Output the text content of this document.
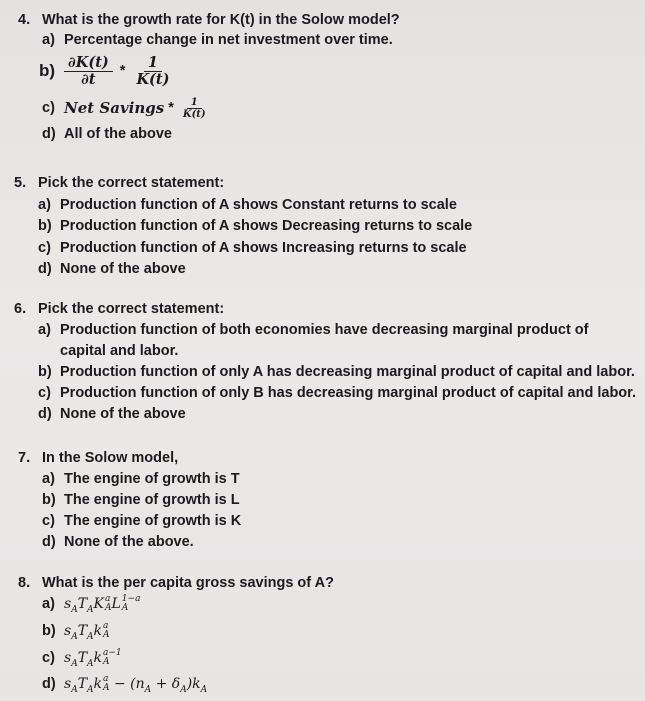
4. What is the growth rate for K(t) in the Solow model?
a) Percentage change in net investment over time.
$b) \frac{\partial K(t)}{\partial t} * \frac{1}{K(t)}$
c) Net Savings * $\frac{1}{K(t)}$
d) All of the above
5. Pick the correct statement:
a) Production function of A shows Constant returns to scale
b) Production function of A shows Decreasing returns to scale
c) Production function of A shows Increasing returns to scale
d) None of the above
6. Pick the correct statement:
a) Production function of both economies have decreasing marginal product of capital and labor.
b) Production function of only A has decreasing marginal product of capital and labor.
c) Production function of only B has decreasing marginal product of capital and labor.
d) None of the above
7. In the Solow model,
a) The engine of growth is T
b) The engine of growth is L
c) The engine of growth is K
d) None of the above.
8. What is the per capita gross savings of A?
a) $s_AT_AK$ a
A L 1−a
A
b) $s_AT_Ak$ a
A
c) $s_AT_Ak$ a−1
A
d) $s_AT_Ak$ a
$A - (n_A + \delta_A)k_A$
